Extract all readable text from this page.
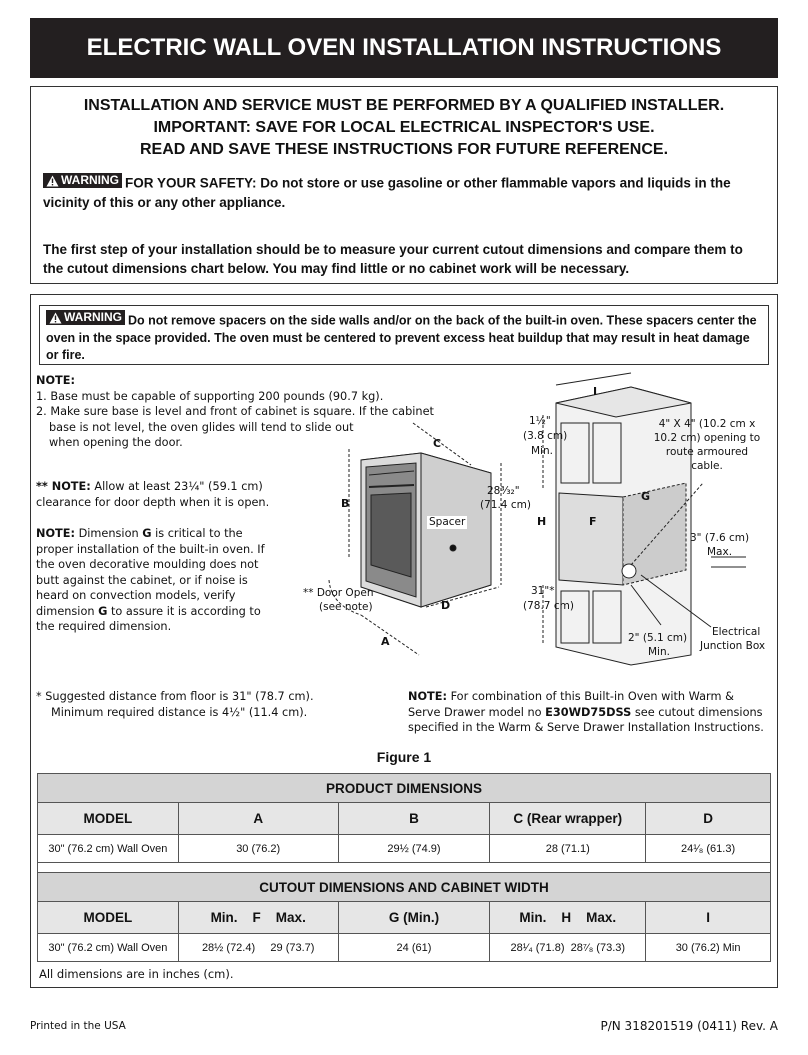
ELECTRIC WALL OVEN INSTALLATION INSTRUCTIONS
INSTALLATION AND SERVICE MUST BE PERFORMED BY A QUALIFIED INSTALLER.
IMPORTANT: SAVE FOR LOCAL ELECTRICAL INSPECTOR'S USE.
READ AND SAVE THESE INSTRUCTIONS FOR FUTURE REFERENCE.
WARNING FOR YOUR SAFETY: Do not store or use gasoline or other flammable vapors and liquids in the vicinity of this or any other appliance.
The first step of your installation should be to measure your current cutout dimensions and compare them to the cutout dimensions chart below. You may find little or no cabinet work will be necessary.
WARNING Do not remove spacers on the side walls and/or on the back of the built-in oven. These spacers center the oven in the space provided. The oven must be centered to prevent excess heat buildup that may result in heat damage or fire.
NOTE:
1. Base must be capable of supporting 200 pounds (90.7 kg).
2. Make sure base is level and front of cabinet is square. If the cabinet
base is not level, the oven glides will tend to slide out
when opening the door.
** NOTE: Allow at least 23¼" (59.1 cm)
clearance for door depth when it is open.
NOTE: Dimension G is critical to the
proper installation of the built-in oven. If
the oven decorative moulding does not
butt against the cabinet, or if noise is
heard on convection models, verify
dimension G to assure it is according to
the required dimension.
B
C
D
A
Spacer
** Door Open
(see note)
28³⁄₃₂"
(71.4 cm)
I
H	F
G
1½"
(3.8 cm)
Min.
4" X 4" (10.2 cm x
10.2 cm) opening to
route armoured
cable.
3" (7.6 cm)
Max.
31"*
(78.7 cm)
2" (5.1 cm)
Min.
Electrical
Junction Box
* Suggested distance from floor is 31" (78.7 cm).
Minimum required distance is 4½" (11.4 cm).
NOTE: For combination of this Built-in Oven with Warm &
Serve Drawer model no E30WD75DSS see cutout dimensions
specified in the Warm & Serve Drawer Installation Instructions.
Figure 1
PRODUCT DIMENSIONS				
MODEL	A	B	C (Rear wrapper)	D
30" (76.2 cm) Wall Oven	30 (76.2)	29½ (74.9)	28 (71.1)	24¹⁄₈ (61.3)

CUTOUT DIMENSIONS AND CABINET WIDTH				
MODEL	Min.    F    Max.	G (Min.)	Min.    H    Max.	I
30" (76.2 cm) Wall Oven	28½ (72.4) 29 (73.7)	24 (61)	28¹⁄₄ (71.8) 28⁷⁄₈ (73.3)	30 (76.2) Min
All dimensions are in inches (cm).
Printed in the USA	P/N 318201519 (0411) Rev. A
